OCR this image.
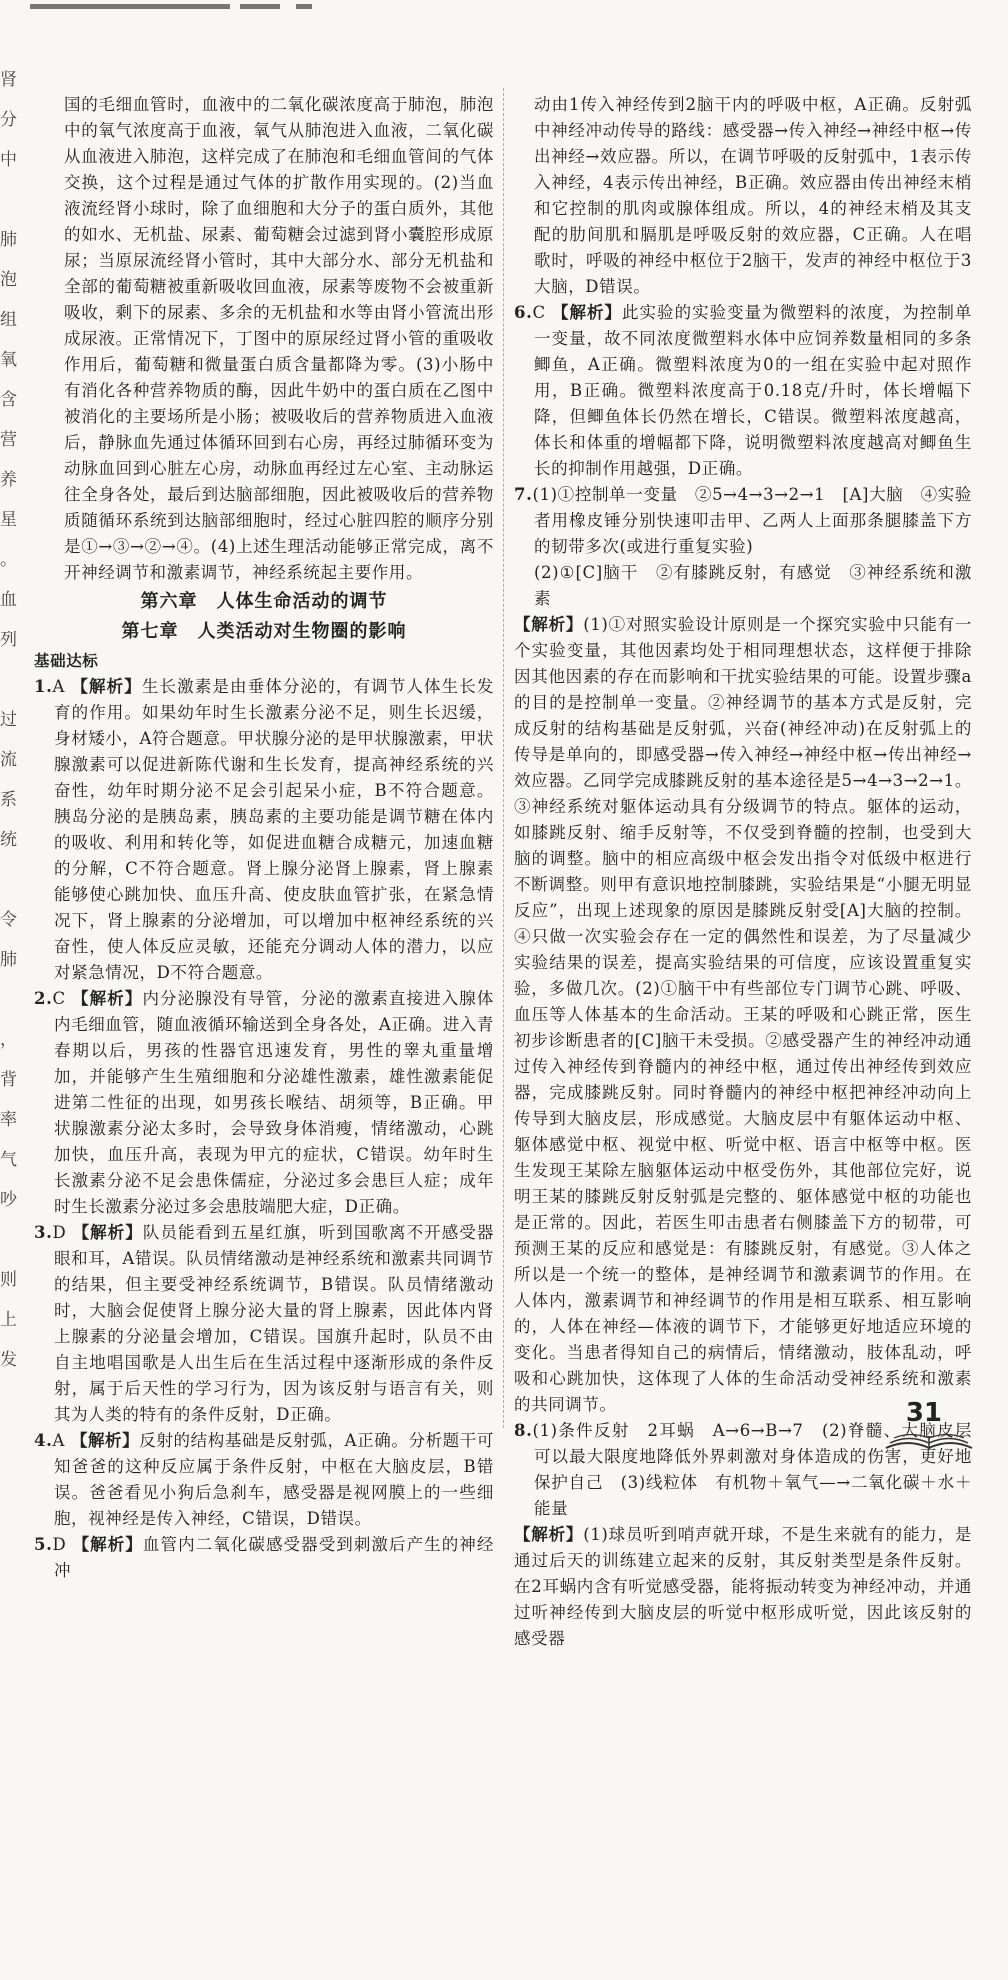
肾
分
中
肺
泡
组
氧
含
营
养
星
。
血
列
过
流
系
统
令
肺
，
背
率
气
吵
则
上
发

国的毛细血管时，血液中的二氧化碳浓度高于肺泡，肺泡中的氧气浓度高于血液，氧气从肺泡进入血液，二氧化碳从血液进入肺泡，这样完成了在肺泡和毛细血管间的气体交换，这个过程是通过气体的扩散作用实现的。(2)当血液流经肾小球时，除了血细胞和大分子的蛋白质外，其他的如水、无机盐、尿素、葡萄糖会过滤到肾小囊腔形成原尿；当原尿流经肾小管时，其中大部分水、部分无机盐和全部的葡萄糖被重新吸收回血液，尿素等废物不会被重新吸收，剩下的尿素、多余的无机盐和水等由肾小管流出形成尿液。正常情况下，丁图中的原尿经过肾小管的重吸收作用后，葡萄糖和微量蛋白质含量都降为零。(3)小肠中有消化各种营养物质的酶，因此牛奶中的蛋白质在乙图中被消化的主要场所是小肠；被吸收后的营养物质进入血液后，静脉血先通过体循环回到右心房，再经过肺循环变为动脉血回到心脏左心房，动脉血再经过左心室、主动脉运往全身各处，最后到达脑部细胞，因此被吸收后的营养物质随循环系统到达脑部细胞时，经过心脏四腔的顺序分别是①→③→②→④。(4)上述生理活动能够正常完成，离不开神经调节和激素调节，神经系统起主要作用。

第六章　人体生命活动的调节
第七章　人类活动对生物圈的影响

基础达标

1.A 【解析】生长激素是由垂体分泌的，有调节人体生长发育的作用。如果幼年时生长激素分泌不足，则生长迟缓，身材矮小，A符合题意。甲状腺分泌的是甲状腺激素，甲状腺激素可以促进新陈代谢和生长发育，提高神经系统的兴奋性，幼年时期分泌不足会引起呆小症，B不符合题意。胰岛分泌的是胰岛素，胰岛素的主要功能是调节糖在体内的吸收、利用和转化等，如促进血糖合成糖元，加速血糖的分解，C不符合题意。肾上腺分泌肾上腺素，肾上腺素能够使心跳加快、血压升高、使皮肤血管扩张，在紧急情况下，肾上腺素的分泌增加，可以增加中枢神经系统的兴奋性，使人体反应灵敏，还能充分调动人体的潜力，以应对紧急情况，D不符合题意。

2.C 【解析】内分泌腺没有导管，分泌的激素直接进入腺体内毛细血管，随血液循环输送到全身各处，A正确。进入青春期以后，男孩的性器官迅速发育，男性的睾丸重量增加，并能够产生生殖细胞和分泌雄性激素，雄性激素能促进第二性征的出现，如男孩长喉结、胡须等，B正确。甲状腺激素分泌太多时，会导致身体消瘦，情绪激动，心跳加快，血压升高，表现为甲亢的症状，C错误。幼年时生长激素分泌不足会患侏儒症，分泌过多会患巨人症；成年时生长激素分泌过多会患肢端肥大症，D正确。

3.D 【解析】队员能看到五星红旗，听到国歌离不开感受器眼和耳，A错误。队员情绪激动是神经系统和激素共同调节的结果，但主要受神经系统调节，B错误。队员情绪激动时，大脑会促使肾上腺分泌大量的肾上腺素，因此体内肾上腺素的分泌量会增加，C错误。国旗升起时，队员不由自主地唱国歌是人出生后在生活过程中逐渐形成的条件反射，属于后天性的学习行为，因为该反射与语言有关，则其为人类的特有的条件反射，D正确。

4.A 【解析】反射的结构基础是反射弧，A正确。分析题干可知爸爸的这种反应属于条件反射，中枢在大脑皮层，B错误。爸爸看见小狗后急刹车，感受器是视网膜上的一些细胞，视神经是传入神经，C错误，D错误。

5.D 【解析】血管内二氧化碳感受器受到刺激后产生的神经冲

动由1传入神经传到2脑干内的呼吸中枢，A正确。反射弧中神经冲动传导的路线：感受器→传入神经→神经中枢→传出神经→效应器。所以，在调节呼吸的反射弧中，1表示传入神经，4表示传出神经，B正确。效应器由传出神经末梢和它控制的肌肉或腺体组成。所以，4的神经末梢及其支配的肋间肌和膈肌是呼吸反射的效应器，C正确。人在唱歌时，呼吸的神经中枢位于2脑干，发声的神经中枢位于3大脑，D错误。

6.C 【解析】此实验的实验变量为微塑料的浓度，为控制单一变量，故不同浓度微塑料水体中应饲养数量相同的多条鲫鱼，A正确。微塑料浓度为0的一组在实验中起对照作用，B正确。微塑料浓度高于0.18克/升时，体长增幅下降，但鲫鱼体长仍然在增长，C错误。微塑料浓度越高，体长和体重的增幅都下降，说明微塑料浓度越高对鲫鱼生长的抑制作用越强，D正确。

7.(1)①控制单一变量　②5→4→3→2→1　[A]大脑　④实验者用橡皮锤分别快速叩击甲、乙两人上面那条腿膝盖下方的韧带多次(或进行重复实验)

(2)①[C]脑干　②有膝跳反射，有感觉　③神经系统和激素

【解析】(1)①对照实验设计原则是一个探究实验中只能有一个实验变量，其他因素均处于相同理想状态，这样便于排除因其他因素的存在而影响和干扰实验结果的可能。设置步骤a的目的是控制单一变量。②神经调节的基本方式是反射，完成反射的结构基础是反射弧，兴奋(神经冲动)在反射弧上的传导是单向的，即感受器→传入神经→神经中枢→传出神经→效应器。乙同学完成膝跳反射的基本途径是5→4→3→2→1。③神经系统对躯体运动具有分级调节的特点。躯体的运动，如膝跳反射、缩手反射等，不仅受到脊髓的控制，也受到大脑的调整。脑中的相应高级中枢会发出指令对低级中枢进行不断调整。则甲有意识地控制膝跳，实验结果是“小腿无明显反应”，出现上述现象的原因是膝跳反射受[A]大脑的控制。④只做一次实验会存在一定的偶然性和误差，为了尽量减少实验结果的误差，提高实验结果的可信度，应该设置重复实验，多做几次。(2)①脑干中有些部位专门调节心跳、呼吸、血压等人体基本的生命活动。王某的呼吸和心跳正常，医生初步诊断患者的[C]脑干未受损。②感受器产生的神经冲动通过传入神经传到脊髓内的神经中枢，通过传出神经传到效应器，完成膝跳反射。同时脊髓内的神经中枢把神经冲动向上传导到大脑皮层，形成感觉。大脑皮层中有躯体运动中枢、躯体感觉中枢、视觉中枢、听觉中枢、语言中枢等中枢。医生发现王某除左脑躯体运动中枢受伤外，其他部位完好，说明王某的膝跳反射反射弧是完整的、躯体感觉中枢的功能也是正常的。因此，若医生叩击患者右侧膝盖下方的韧带，可预测王某的反应和感觉是：有膝跳反射，有感觉。③人体之所以是一个统一的整体，是神经调节和激素调节的作用。在人体内，激素调节和神经调节的作用是相互联系、相互影响的，人体在神经—体液的调节下，才能够更好地适应环境的变化。当患者得知自己的病情后，情绪激动，肢体乱动，呼吸和心跳加快，这体现了人体的生命活动受神经系统和激素的共同调节。

8.(1)条件反射　2耳蜗　A→6→B→7　(2)脊髓、大脑皮层　可以最大限度地降低外界刺激对身体造成的伤害，更好地保护自己　(3)线粒体　有机物＋氧气—→二氧化碳＋水＋能量

【解析】(1)球员听到哨声就开球，不是生来就有的能力，是通过后天的训练建立起来的反射，其反射类型是条件反射。在2耳蜗内含有听觉感受器，能将振动转变为神经冲动，并通过听神经传到大脑皮层的听觉中枢形成听觉，因此该反射的感受器

31
